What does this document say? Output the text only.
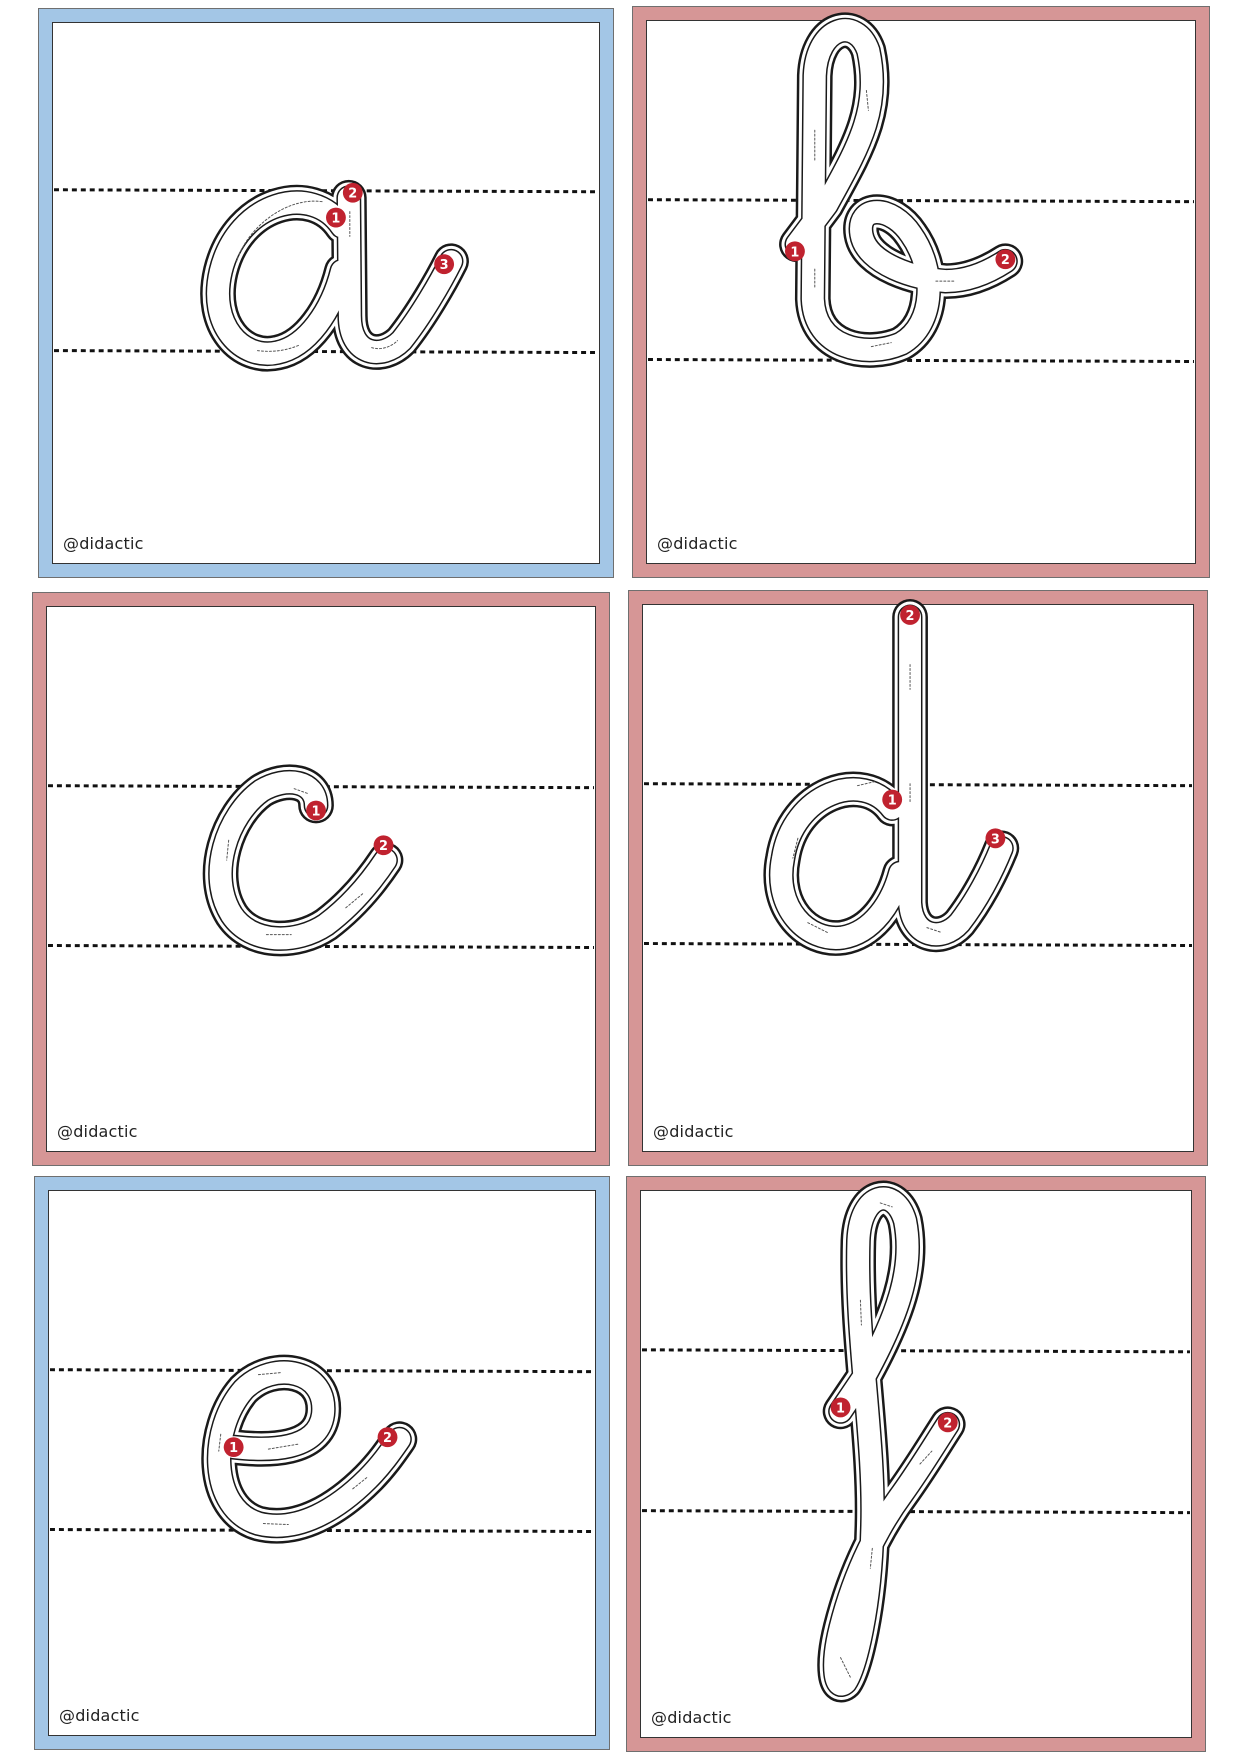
1
2
3
@didactic
1
2
@didactic
1
2
@didactic
1
2
3
@didactic
1
2
@didactic
1
2
@didactic
